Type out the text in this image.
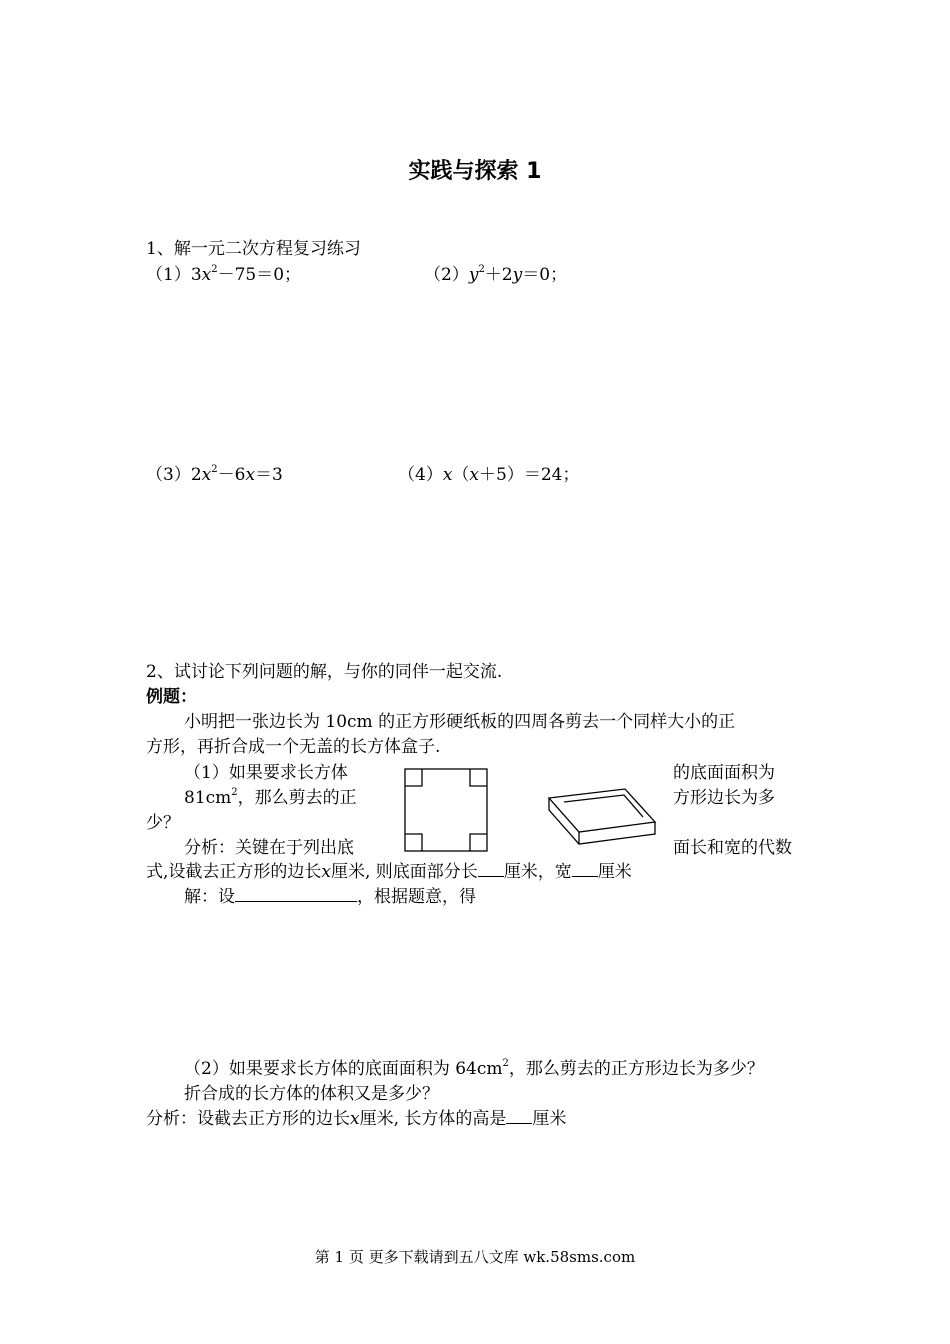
实践与探索 1
1、解一元二次方程复习练习
$(1)3x^2-75=0$；	$(2)y^2+2y=0$；
$(3)2x^2-6x=3$	（4）x（x＋5）＝24；
2、试讨论下列问题的解，与你的同伴一起交流.
例题：
小明把一张边长为 10cm 的正方形硬纸板的四周各剪去一个同样大小的正
方形，再折合成一个无盖的长方体盒子.
（1）如果要求长方体	的底面面积为
$81cm^2$，那么剪去的正	方形边长为多
少？
分析：关键在于列出底	面长和宽的代数
式,设截去正方形的边长x厘米, 则底面部分长 厘米，宽 厘米
解：设	，根据题意，得
（2）如果要求长方体的底面面积为 $64cm^2$，那么剪去的正方形边长为多少？
折合成的长方体的体积又是多少？
分析：设截去正方形的边长x厘米, 长方体的高是 厘米
第 1 页 更多下载请到五八文库 wk.58sms.com
